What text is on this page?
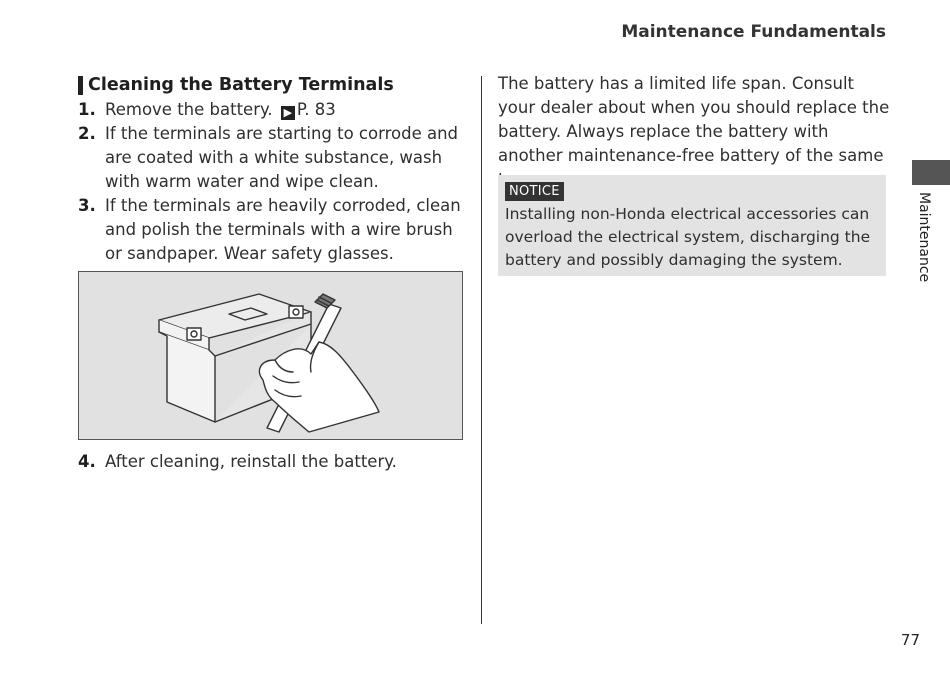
Maintenance Fundamentals
Cleaning the Battery Terminals
1. Remove the battery. ▶ P. 83
2. If the terminals are starting to corrode and are coated with a white substance, wash with warm water and wipe clean.
3. If the terminals are heavily corroded, clean and polish the terminals with a wire brush or sandpaper. Wear safety glasses.
4. After cleaning, reinstall the battery.
The battery has a limited life span. Consult your dealer about when you should replace the battery. Always replace the battery with another maintenance-free battery of the same
NOTICE
Installing non-Honda electrical accessories can overload the electrical system, discharging the battery and possibly damaging the system.	Maintenance
77
